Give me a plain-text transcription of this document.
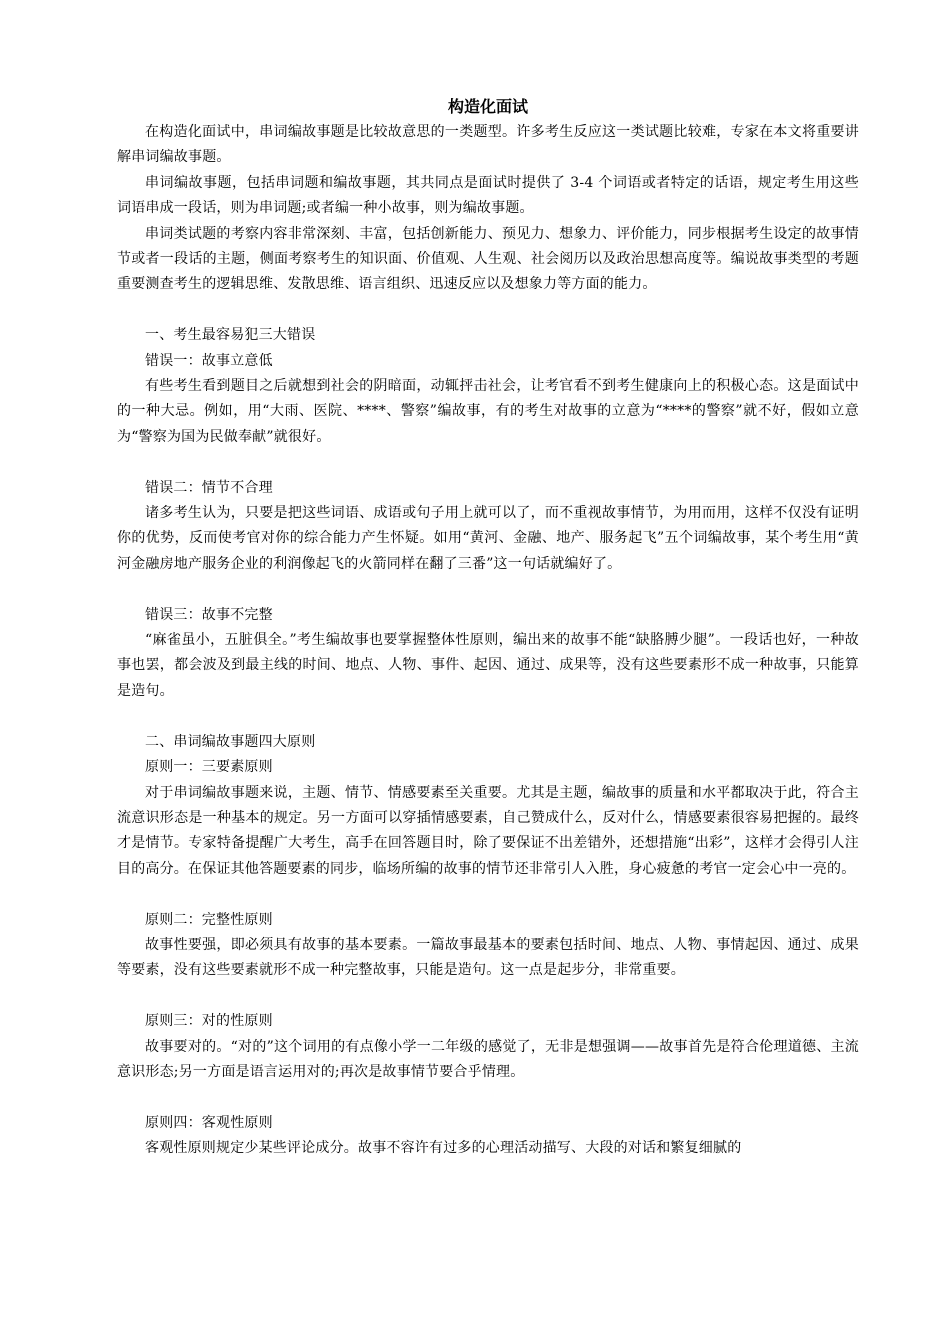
构造化面试

在构造化面试中，串词编故事题是比较故意思的一类题型。许多考生反应这一类试题比较难，专家在本文将重要讲解串词编故事题。

串词编故事题，包括串词题和编故事题，其共同点是面试时提供了 3-4 个词语或者特定的话语，规定考生用这些词语串成一段话，则为串词题;或者编一种小故事，则为编故事题。

串词类试题的考察内容非常深刻、丰富，包括创新能力、预见力、想象力、评价能力，同步根据考生设定的故事情节或者一段话的主题，侧面考察考生的知识面、价值观、人生观、社会阅历以及政治思想高度等。编说故事类型的考题重要测查考生的逻辑思维、发散思维、语言组织、迅速反应以及想象力等方面的能力。

一、考生最容易犯三大错误

错误一：故事立意低

有些考生看到题目之后就想到社会的阴暗面，动辄抨击社会，让考官看不到考生健康向上的积极心态。这是面试中的一种大忌。例如，用“大雨、医院、****、警察”编故事，有的考生对故事的立意为“****的警察”就不好，假如立意为“警察为国为民做奉献”就很好。

错误二：情节不合理

诸多考生认为，只要是把这些词语、成语或句子用上就可以了，而不重视故事情节，为用而用，这样不仅没有证明你的优势，反而使考官对你的综合能力产生怀疑。如用“黄河、金融、地产、服务起飞”五个词编故事，某个考生用“黄河金融房地产服务企业的利润像起飞的火箭同样在翻了三番”这一句话就编好了。

错误三：故事不完整

“麻雀虽小，五脏俱全。”考生编故事也要掌握整体性原则，编出来的故事不能“缺胳膊少腿”。一段话也好，一种故事也罢，都会波及到最主线的时间、地点、人物、事件、起因、通过、成果等，没有这些要素形不成一种故事，只能算是造句。

二、串词编故事题四大原则

原则一：三要素原则

对于串词编故事题来说，主题、情节、情感要素至关重要。尤其是主题，编故事的质量和水平都取决于此，符合主流意识形态是一种基本的规定。另一方面可以穿插情感要素，自己赞成什么，反对什么，情感要素很容易把握的。最终才是情节。专家特备提醒广大考生，高手在回答题目时，除了要保证不出差错外，还想措施“出彩”，这样才会得引人注目的高分。在保证其他答题要素的同步，临场所编的故事的情节还非常引人入胜，身心疲惫的考官一定会心中一亮的。

原则二：完整性原则

故事性要强，即必须具有故事的基本要素。一篇故事最基本的要素包括时间、地点、人物、事情起因、通过、成果等要素，没有这些要素就形不成一种完整故事，只能是造句。这一点是起步分，非常重要。

原则三：对的性原则

故事要对的。“对的”这个词用的有点像小学一二年级的感觉了，无非是想强调——故事首先是符合伦理道德、主流意识形态;另一方面是语言运用对的;再次是故事情节要合乎情理。

原则四：客观性原则

客观性原则规定少某些评论成分。故事不容许有过多的心理活动描写、大段的对话和繁复细腻的
